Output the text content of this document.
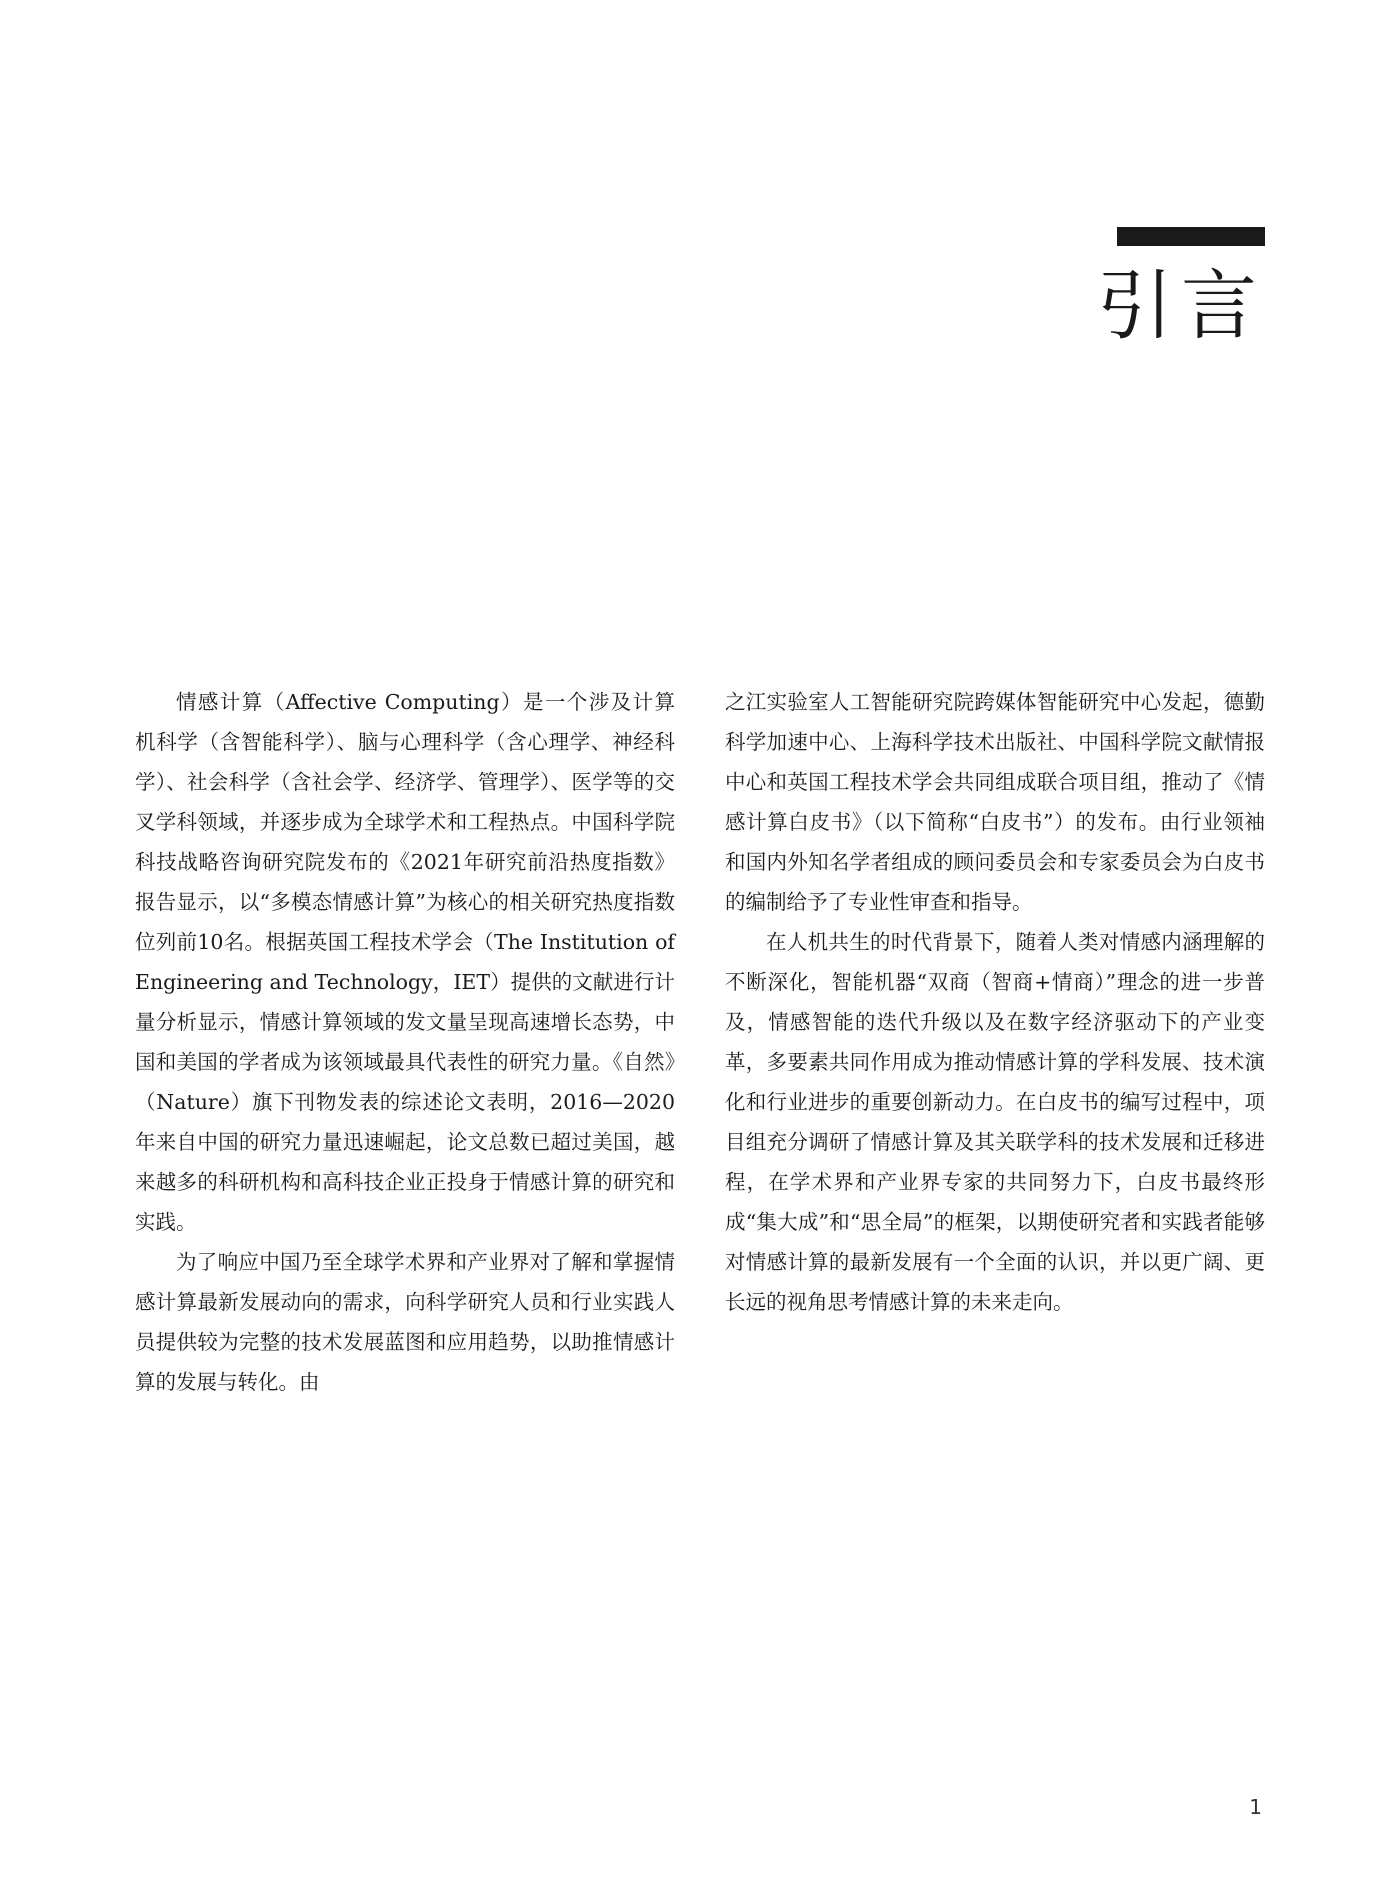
引言

情感计算（Affective Computing）是一个涉及计算机科学（含智能科学）、脑与心理科学（含心理学、神经科学）、社会科学（含社会学、经济学、管理学）、医学等的交叉学科领域，并逐步成为全球学术和工程热点。中国科学院科技战略咨询研究院发布的《2021年研究前沿热度指数》报告显示，以“多模态情感计算”为核心的相关研究热度指数位列前10名。根据英国工程技术学会（The Institution of Engineering and Technology，IET）提供的文献进行计量分析显示，情感计算领域的发文量呈现高速增长态势，中国和美国的学者成为该领域最具代表性的研究力量。《自然》（Nature）旗下刊物发表的综述论文表明，2016—2020年来自中国的研究力量迅速崛起，论文总数已超过美国，越来越多的科研机构和高科技企业正投身于情感计算的研究和实践。

为了响应中国乃至全球学术界和产业界对了解和掌握情感计算最新发展动向的需求，向科学研究人员和行业实践人员提供较为完整的技术发展蓝图和应用趋势，以助推情感计算的发展与转化。由

之江实验室人工智能研究院跨媒体智能研究中心发起，德勤科学加速中心、上海科学技术出版社、中国科学院文献情报中心和英国工程技术学会共同组成联合项目组，推动了《情感计算白皮书》（以下简称“白皮书”）的发布。由行业领袖和国内外知名学者组成的顾问委员会和专家委员会为白皮书的编制给予了专业性审查和指导。

在人机共生的时代背景下，随着人类对情感内涵理解的不断深化，智能机器“双商（智商+情商）”理念的进一步普及，情感智能的迭代升级以及在数字经济驱动下的产业变革，多要素共同作用成为推动情感计算的学科发展、技术演化和行业进步的重要创新动力。在白皮书的编写过程中，项目组充分调研了情感计算及其关联学科的技术发展和迁移进程，在学术界和产业界专家的共同努力下，白皮书最终形成“集大成”和“思全局”的框架，以期使研究者和实践者能够对情感计算的最新发展有一个全面的认识，并以更广阔、更长远的视角思考情感计算的未来走向。

1
